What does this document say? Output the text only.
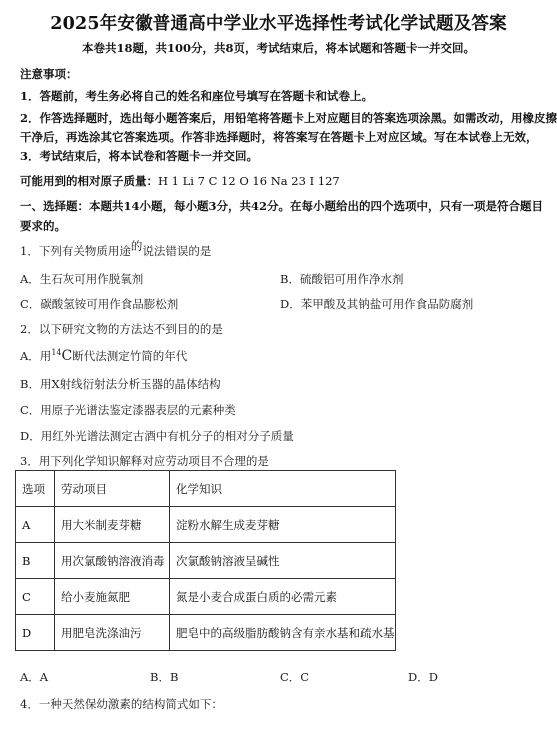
2025年安徽普通高中学业水平选择性考试化学试题及答案
本卷共18题，共100分，共8页，考试结束后，将本试题和答题卡一并交回。
注意事项：
1．答题前，考生务必将自己的姓名和座位号填写在答题卡和试卷上。
2．作答选择题时，选出每小题答案后，用铅笔将答题卡上对应题目的答案选项涂黑。如需改动，用橡皮擦
干净后，再选涂其它答案选项。作答非选择题时，将答案写在答题卡上对应区域。写在本试卷上无效，
3．考试结束后，将本试卷和答题卡一并交回。
可能用到的相对原子质量：H 1 Li 7 C 12 O 16 Na 23 I 127
一、选择题：本题共14小题，每小题3分，共42分。在每小题给出的四个选项中，只有一项是符合题目
要求的。
1．下列有关物质用途的说法错误的是
A．生石灰可用作脱氧剂	B．硫酸铝可用作净水剂
C．碳酸氢铵可用作食品膨松剂	D．苯甲酸及其钠盐可用作食品防腐剂
2．以下研究文物的方法达不到目的的是
A．用$^{14}$C断代法测定竹简的年代
B．用X射线衍射法分析玉器的晶体结构
C．用原子光谱法鉴定漆器表层的元素种类
D．用红外光谱法测定古酒中有机分子的相对分子质量
3．用下列化学知识解释对应劳动项目不合理的是
选项	劳动项目	化学知识
A	用大米制麦芽糖	淀粉水解生成麦芽糖
B	用次氯酸钠溶液消毒	次氯酸钠溶液呈碱性
C	给小麦施氮肥	氮是小麦合成蛋白质的必需元素
D	用肥皂洗涤油污	肥皂中的高级脂肪酸钠含有亲水基和疏水基
A．A	B．B	C．C	D．D
4．一种天然保幼激素的结构简式如下：
